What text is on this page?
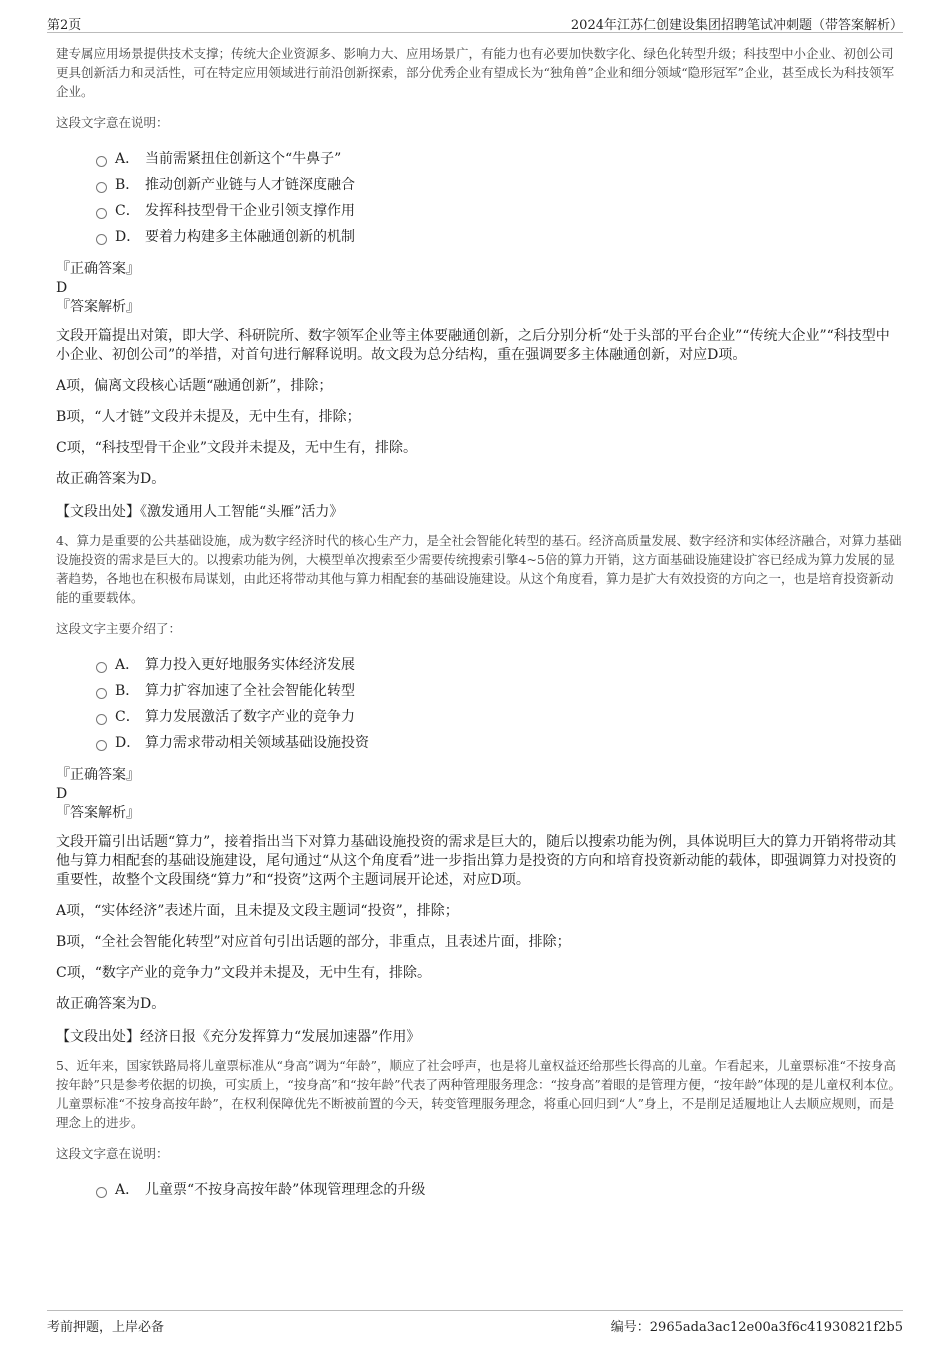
第2页	2024年江苏仁创建设集团招聘笔试冲刺题（带答案解析）

建专属应用场景提供技术支撑；传统大企业资源多、影响力大、应用场景广，有能力也有必要加快数字化、绿色化转型升级；科技型中小企业、初创公司更具创新活力和灵活性，可在特定应用领域进行前沿创新探索，部分优秀企业有望成长为“独角兽”企业和细分领域“隐形冠军”企业，甚至成长为科技领军企业。

这段文字意在说明：

A． 当前需紧扭住创新这个“牛鼻子”
B． 推动创新产业链与人才链深度融合
C． 发挥科技型骨干企业引领支撑作用
D． 要着力构建多主体融通创新的机制
『正确答案』
D
『答案解析』

文段开篇提出对策，即大学、科研院所、数字领军企业等主体要融通创新，之后分别分析“处于头部的平台企业”“传统大企业”“科技型中小企业、初创公司”的举措，对首句进行解释说明。故文段为总分结构，重在强调要多主体融通创新，对应D项。

A项，偏离文段核心话题“融通创新”，排除；

B项，“人才链”文段并未提及，无中生有，排除；

C项，“科技型骨干企业”文段并未提及，无中生有，排除。

故正确答案为D。

【文段出处】《激发通用人工智能“头雁”活力》

4、算力是重要的公共基础设施，成为数字经济时代的核心生产力，是全社会智能化转型的基石。经济高质量发展、数字经济和实体经济融合，对算力基础设施投资的需求是巨大的。以搜索功能为例，大模型单次搜索至少需要传统搜索引擎4~5倍的算力开销，这方面基础设施建设扩容已经成为算力发展的显著趋势，各地也在积极布局谋划，由此还将带动其他与算力相配套的基础设施建设。从这个角度看，算力是扩大有效投资的方向之一，也是培育投资新动能的重要载体。

这段文字主要介绍了：

A． 算力投入更好地服务实体经济发展
B． 算力扩容加速了全社会智能化转型
C． 算力发展激活了数字产业的竞争力
D． 算力需求带动相关领域基础设施投资
『正确答案』
D
『答案解析』

文段开篇引出话题“算力”，接着指出当下对算力基础设施投资的需求是巨大的，随后以搜索功能为例，具体说明巨大的算力开销将带动其他与算力相配套的基础设施建设，尾句通过“从这个角度看”进一步指出算力是投资的方向和培育投资新动能的载体，即强调算力对投资的重要性，故整个文段围绕“算力”和“投资”这两个主题词展开论述，对应D项。

A项，“实体经济”表述片面，且未提及文段主题词“投资”，排除；

B项，“全社会智能化转型”对应首句引出话题的部分，非重点，且表述片面，排除；

C项，“数字产业的竞争力”文段并未提及，无中生有，排除。

故正确答案为D。

【文段出处】经济日报《充分发挥算力“发展加速器”作用》

5、近年来，国家铁路局将儿童票标准从“身高”调为“年龄”，顺应了社会呼声，也是将儿童权益还给那些长得高的儿童。乍看起来，儿童票标准“不按身高按年龄”只是参考依据的切换，可实质上，“按身高”和“按年龄”代表了两种管理服务理念：“按身高”着眼的是管理方便，“按年龄”体现的是儿童权利本位。儿童票标准“不按身高按年龄”，在权利保障优先不断被前置的今天，转变管理服务理念，将重心回归到“人”身上，不是削足适履地让人去顺应规则，而是理念上的进步。

这段文字意在说明：

A． 儿童票“不按身高按年龄”体现管理理念的升级
考前押题，上岸必备	编号：2965ada3ac12e00a3f6c41930821f2b5
